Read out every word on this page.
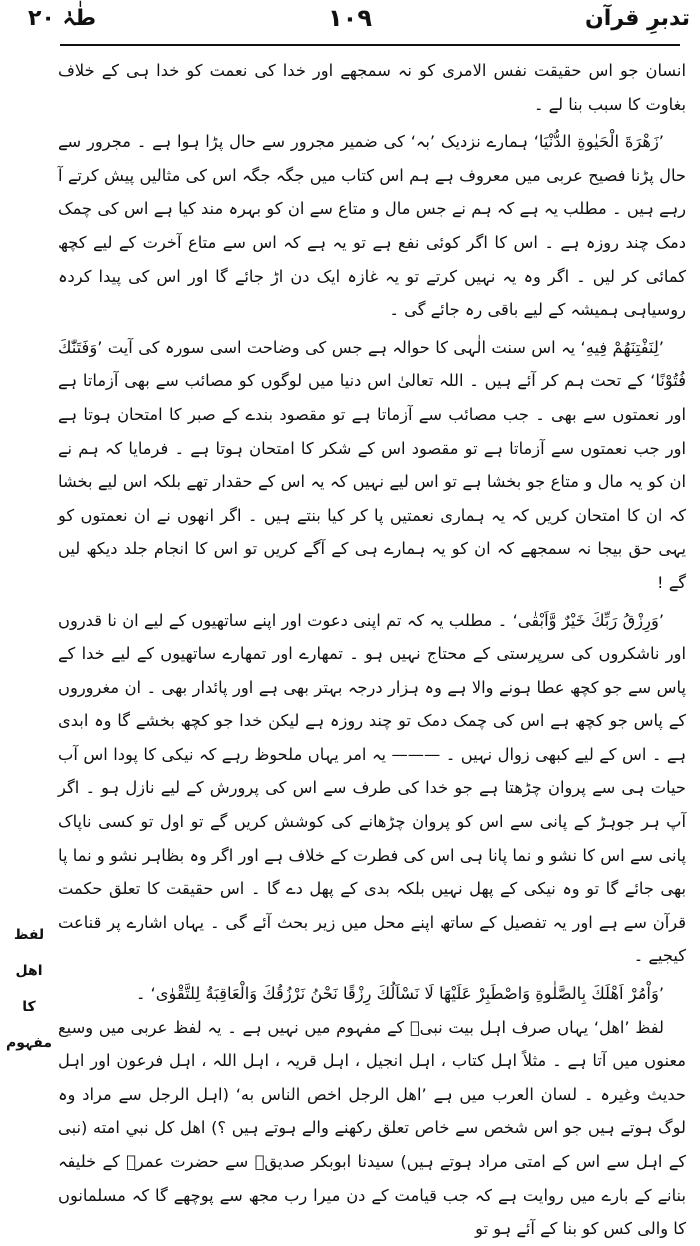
طٰہٰ ۲۰	۱۰۹	تدبرِ قرآن

انسان جو اس حقیقت نفس الامری کو نہ سمجھے اور خدا کی نعمت کو خدا ہی کے خلاف بغاوت کا سبب بنا لے ۔

’زَهْرَةَ الْحَيٰوةِ الدُّنْيَا‘ ہمارے نزدیک ’بہ‘ کی ضمیر مجرور سے حال پڑا ہوا ہے ۔ مجرور سے حال پڑنا فصیح عربی میں معروف ہے ہم اس کتاب میں جگہ جگہ اس کی مثالیں پیش کرتے آ رہے ہیں ۔ مطلب یہ ہے کہ ہم نے جس مال و متاع سے ان کو بہرہ مند کیا ہے اس کی چمک دمک چند روزہ ہے ۔ اس کا اگر کوئی نفع ہے تو یہ ہے کہ اس سے متاع آخرت کے لیے کچھ کمائی کر لیں ۔ اگر وہ یہ نہیں کرتے تو یہ غازہ ایک دن اڑ جائے گا اور اس کی پیدا کردہ روسیاہی ہمیشہ کے لیے باقی رہ جائے گی ۔

’لِنَفْتِنَهُمْ فِيهِ‘ یہ اس سنت الٰہی کا حوالہ ہے جس کی وضاحت اسی سورہ کی آیت ’وَفَتَنّٰكَ فُتُوْنًا‘ کے تحت ہم کر آئے ہیں ۔ اللہ تعالیٰ اس دنیا میں لوگوں کو مصائب سے بھی آزماتا ہے اور نعمتوں سے بھی ۔ جب مصائب سے آزماتا ہے تو مقصود بندے کے صبر کا امتحان ہوتا ہے اور جب نعمتوں سے آزماتا ہے تو مقصود اس کے شکر کا امتحان ہوتا ہے ۔ فرمایا کہ ہم نے ان کو یہ مال و متاع جو بخشا ہے تو اس لیے نہیں کہ یہ اس کے حقدار تھے بلکہ اس لیے بخشا کہ ان کا امتحان کریں کہ یہ ہماری نعمتیں پا کر کیا بنتے ہیں ۔ اگر انھوں نے ان نعمتوں کو یہی حق بیجا نہ سمجھے کہ ان کو یہ ہمارے ہی کے آگے کریں تو اس کا انجام جلد دیکھ لیں گے !

’وَرِزْقُ رَبِّكَ خَيْرٌ وَّاَبْقٰى‘ ۔ مطلب یہ کہ تم اپنی دعوت اور اپنے ساتھیوں کے لیے ان نا قدروں اور ناشکروں کی سرپرستی کے محتاج نہیں ہو ۔ تمھارے اور تمھارے ساتھیوں کے لیے خدا کے پاس سے جو کچھ عطا ہونے والا ہے وہ ہزار درجہ بہتر بھی ہے اور پائدار بھی ۔ ان مغروروں کے پاس جو کچھ ہے اس کی چمک دمک تو چند روزہ ہے لیکن خدا جو کچھ بخشے گا وہ ابدی ہے ۔ اس کے لیے کبھی زوال نہیں ۔ ——— یہ امر یہاں ملحوظ رہے کہ نیکی کا پودا اس آب حیات ہی سے پروان چڑھتا ہے جو خدا کی طرف سے اس کی پرورش کے لیے نازل ہو ۔ اگر آپ ہر جوہڑ کے پانی سے اس کو پروان چڑھانے کی کوشش کریں گے تو اول تو کسی ناپاک پانی سے اس کا نشو و نما پانا ہی اس کی فطرت کے خلاف ہے اور اگر وہ بظاہر نشو و نما پا بھی جائے گا تو وہ نیکی کے پھل نہیں بلکہ بدی کے پھل دے گا ۔ اس حقیقت کا تعلق حکمت قرآن سے ہے اور یہ تفصیل کے ساتھ اپنے محل میں زیر بحث آئے گی ۔ یہاں اشارے پر قناعت کیجیے ۔

’وَاْمُرْ اَهْلَكَ بِالصَّلٰوةِ وَاصْطَبِرْ عَلَيْهَا لَا نَسْاَلُكَ رِزْقًا نَحْنُ نَرْزُقُكَ وَالْعَاقِبَةُ لِلتَّقْوٰى‘ ۔

لفظ ’اهل‘ یہاں صرف اہل بیت نبیؐ کے مفہوم میں نہیں ہے ۔ یہ لفظ عربی میں وسیع معنوں میں آتا ہے ۔ مثلاً اہل کتاب ، اہل انجیل ، اہل قریہ ، اہل اللہ ، اہل فرعون اور اہل حدیث وغیرہ ۔ لسان العرب میں ہے ’اهل الرجل اخص الناس به‘ (اہل الرجل سے مراد وہ لوگ ہوتے ہیں جو اس شخص سے خاص تعلق رکھنے والے ہوتے ہیں ؟) اهل كل نبي امته (نبی کے اہل سے اس کے امتی مراد ہوتے ہیں) سیدنا ابوبکر صدیقؓ سے حضرت عمرؓ کے خلیفہ بنانے کے بارے میں روایت ہے کہ جب قیامت کے دن میرا رب مجھ سے پوچھے گا کہ مسلمانوں کا والی کس کو بنا کے آئے ہو تو

لفظ اهل
کا مفہوم
